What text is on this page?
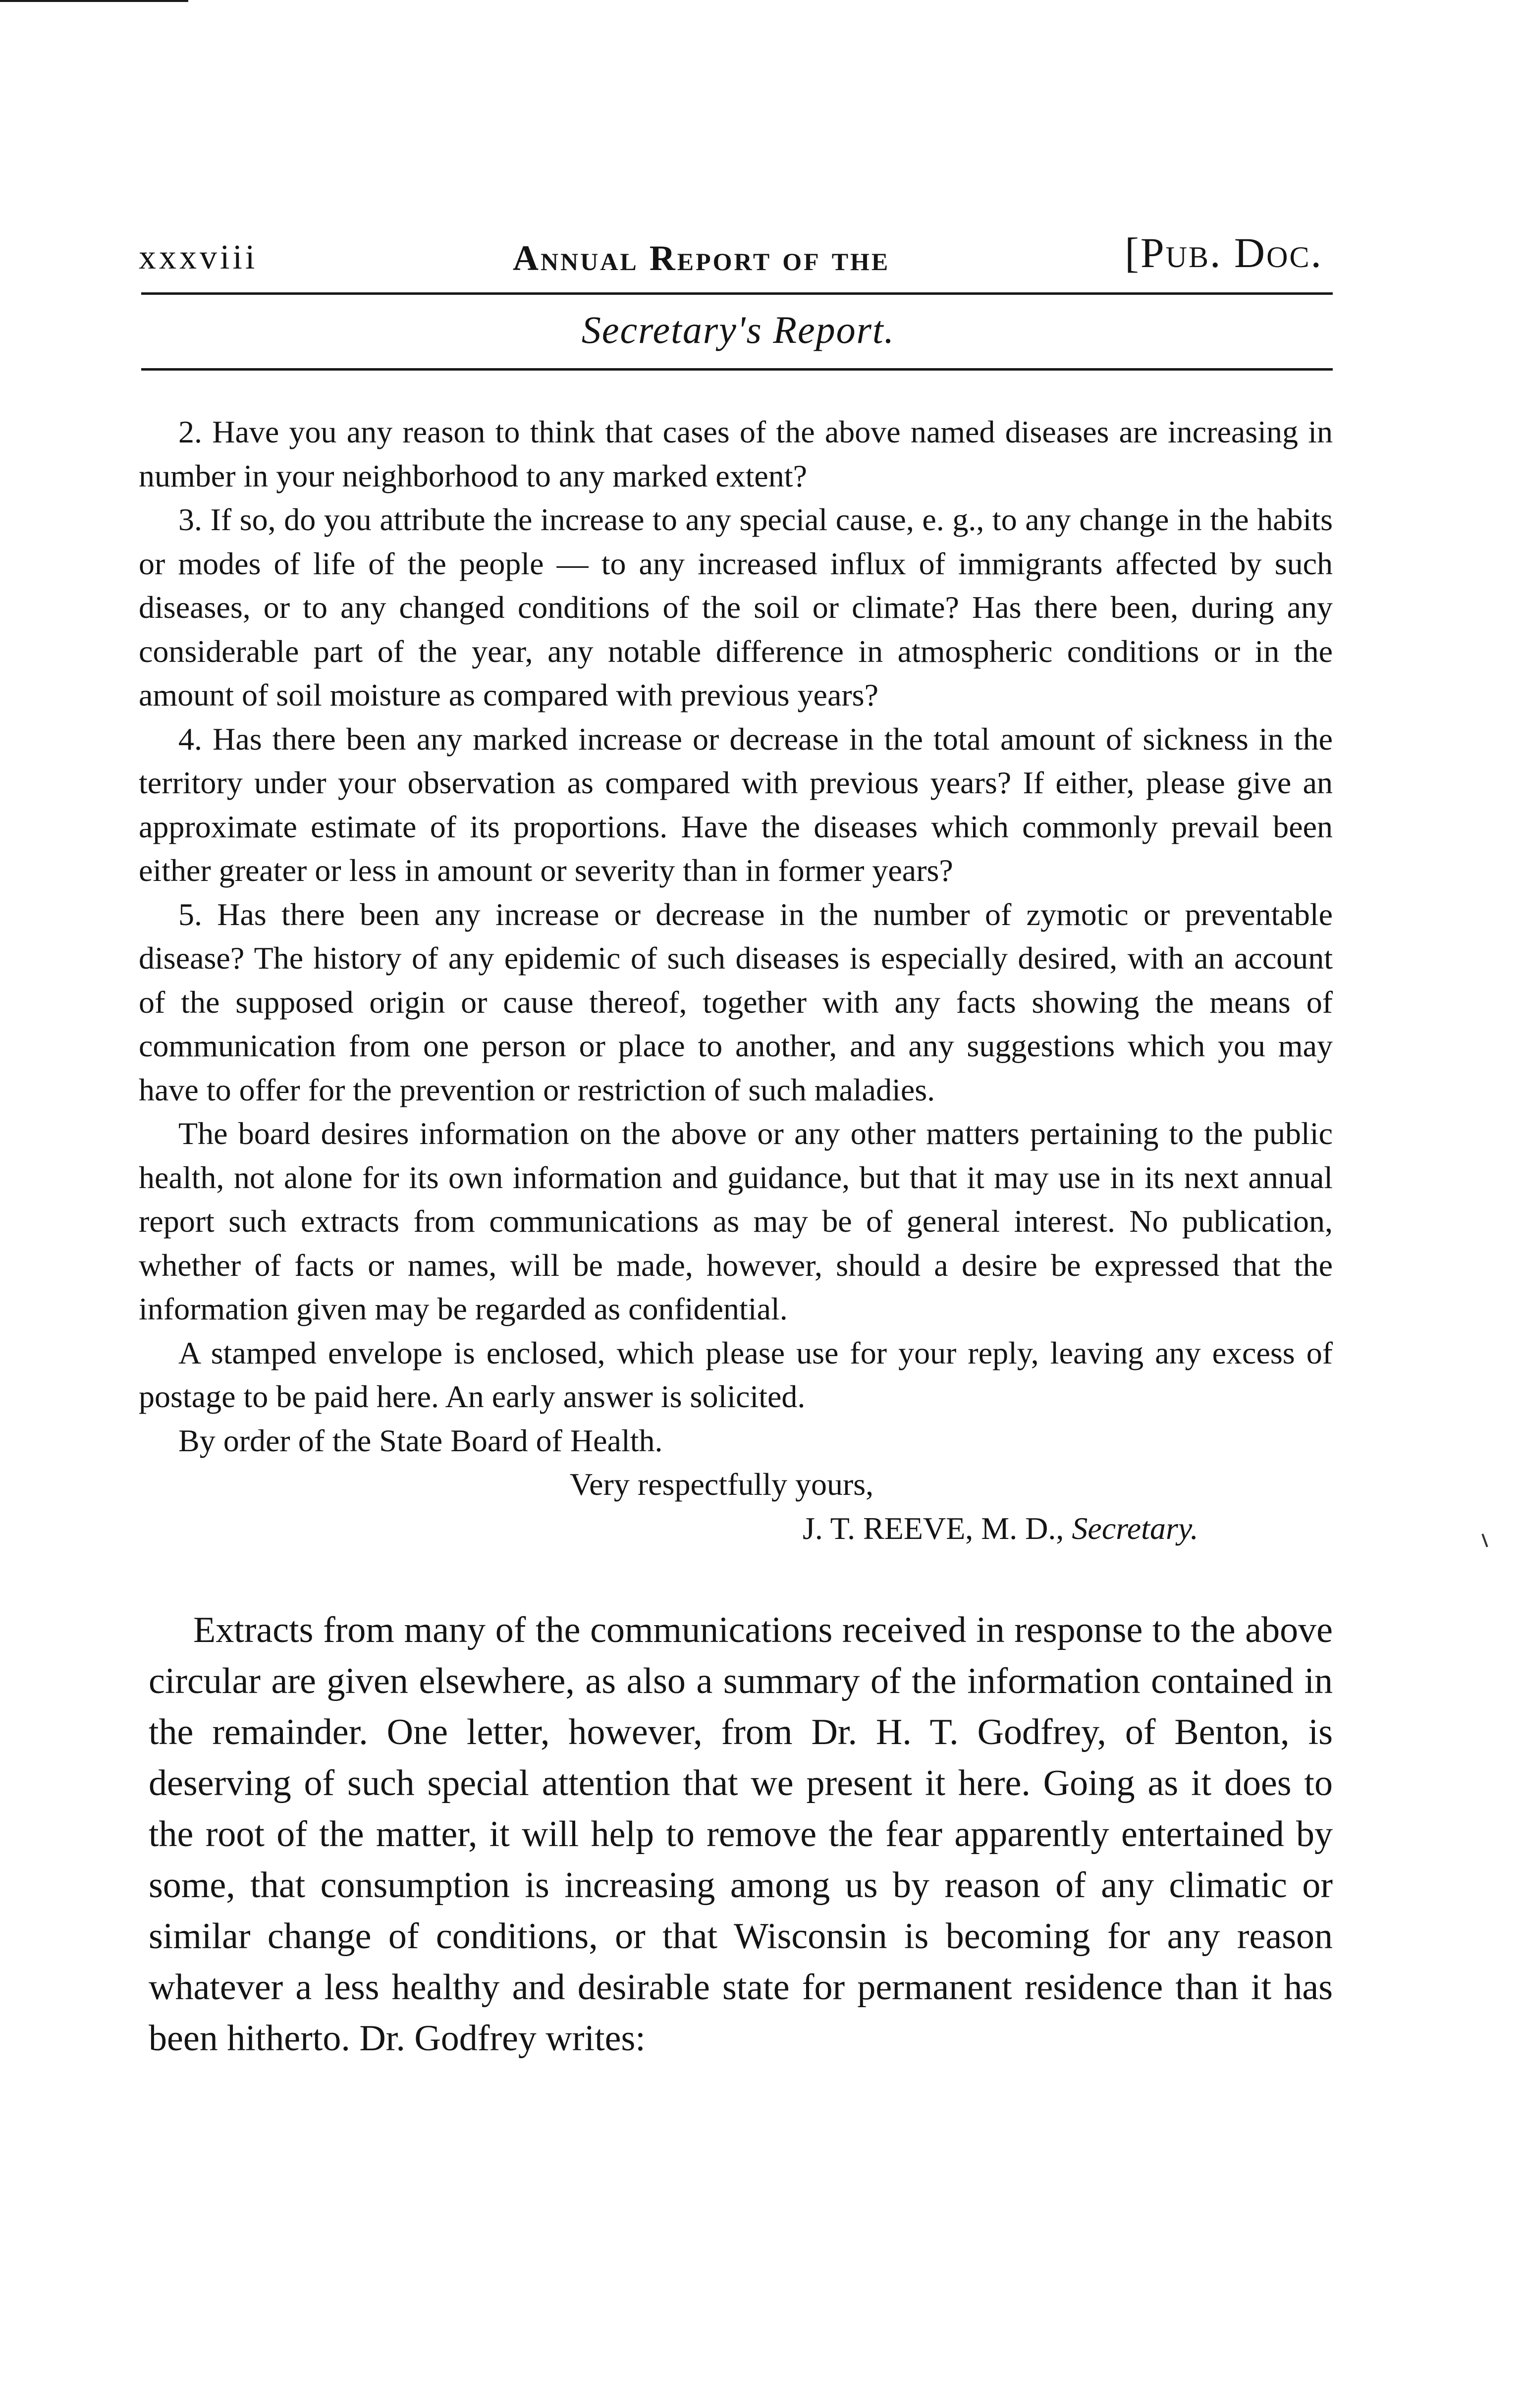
xxxviii	Annual Report of the	[Pub. Doc.
Secretary's Report.

2. Have you any reason to think that cases of the above named diseases are increasing in number in your neighborhood to any marked extent?

3. If so, do you attribute the increase to any special cause, e. g., to any change in the habits or modes of life of the people — to any increased influx of immigrants affected by such diseases, or to any changed conditions of the soil or climate? Has there been, during any considerable part of the year, any notable difference in atmospheric conditions or in the amount of soil moisture as compared with previous years?

4. Has there been any marked increase or decrease in the total amount of sickness in the territory under your observation as compared with previous years? If either, please give an approximate estimate of its proportions. Have the diseases which commonly prevail been either greater or less in amount or severity than in former years?

5. Has there been any increase or decrease in the number of zymotic or preventable disease? The history of any epidemic of such diseases is especially desired, with an account of the supposed origin or cause thereof, together with any facts showing the means of communication from one person or place to another, and any suggestions which you may have to offer for the prevention or restriction of such maladies.

The board desires information on the above or any other matters pertaining to the public health, not alone for its own information and guidance, but that it may use in its next annual report such extracts from communications as may be of general interest. No publication, whether of facts or names, will be made, however, should a desire be expressed that the information given may be regarded as confidential.

A stamped envelope is enclosed, which please use for your reply, leaving any excess of postage to be paid here. An early answer is solicited.

By order of the State Board of Health.
Very respectfully yours,
J. T. REEVE, M. D., Secretary.

Extracts from many of the communications received in response to the above circular are given elsewhere, as also a summary of the information contained in the remainder. One letter, however, from Dr. H. T. Godfrey, of Benton, is deserving of such special attention that we present it here. Going as it does to the root of the matter, it will help to remove the fear apparently entertained by some, that consumption is increasing among us by reason of any climatic or similar change of conditions, or that Wisconsin is becoming for any reason whatever a less healthy and desirable state for permanent residence than it has been hitherto. Dr. Godfrey writes:
